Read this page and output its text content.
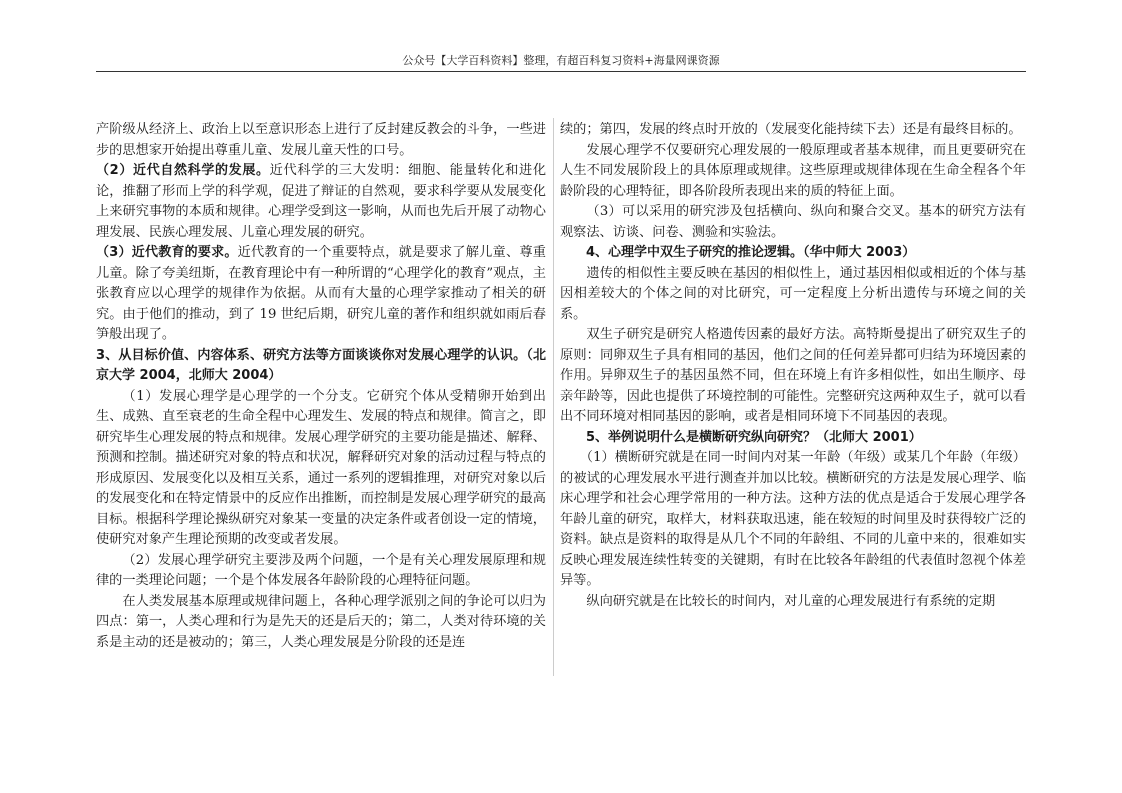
公众号【大学百科资料】整理，有超百科复习资料+海量网课资源

产阶级从经济上、政治上以至意识形态上进行了反封建反教会的斗争，一些进步的思想家开始提出尊重儿童、发展儿童天性的口号。

（2）近代自然科学的发展。近代科学的三大发明：细胞、能量转化和进化论，推翻了形而上学的科学观，促进了辩证的自然观，要求科学要从发展变化上来研究事物的本质和规律。心理学受到这一影响，从而也先后开展了动物心理发展、民族心理发展、儿童心理发展的研究。

（3）近代教育的要求。近代教育的一个重要特点，就是要求了解儿童、尊重儿童。除了夸美纽斯，在教育理论中有一种所谓的“心理学化的教育”观点，主张教育应以心理学的规律作为依据。从而有大量的心理学家推动了相关的研究。由于他们的推动，到了 19 世纪后期，研究儿童的著作和组织就如雨后春笋般出现了。

3、从目标价值、内容体系、研究方法等方面谈谈你对发展心理学的认识。（北京大学 2004，北师大 2004）

（1）发展心理学是心理学的一个分支。它研究个体从受精卵开始到出生、成熟、直至衰老的生命全程中心理发生、发展的特点和规律。简言之，即研究毕生心理发展的特点和规律。发展心理学研究的主要功能是描述、解释、预测和控制。描述研究对象的特点和状况，解释研究对象的活动过程与特点的形成原因、发展变化以及相互关系，通过一系列的逻辑推理，对研究对象以后的发展变化和在特定情景中的反应作出推断，而控制是发展心理学研究的最高目标。根据科学理论操纵研究对象某一变量的决定条件或者创设一定的情境，使研究对象产生理论预期的改变或者发展。

（2）发展心理学研究主要涉及两个问题，一个是有关心理发展原理和规律的一类理论问题；一个是个体发展各年龄阶段的心理特征问题。

在人类发展基本原理或规律问题上，各种心理学派别之间的争论可以归为四点：第一，人类心理和行为是先天的还是后天的；第二，人类对待环境的关系是主动的还是被动的；第三，人类心理发展是分阶段的还是连

续的；第四，发展的终点时开放的（发展变化能持续下去）还是有最终目标的。

发展心理学不仅要研究心理发展的一般原理或者基本规律，而且更要研究在人生不同发展阶段上的具体原理或规律。这些原理或规律体现在生命全程各个年龄阶段的心理特征，即各阶段所表现出来的质的特征上面。

（3）可以采用的研究涉及包括横向、纵向和聚合交叉。基本的研究方法有观察法、访谈、问卷、测验和实验法。

4、心理学中双生子研究的推论逻辑。（华中师大 2003）

遗传的相似性主要反映在基因的相似性上，通过基因相似或相近的个体与基因相差较大的个体之间的对比研究，可一定程度上分析出遗传与环境之间的关系。

双生子研究是研究人格遗传因素的最好方法。高特斯曼提出了研究双生子的原则：同卵双生子具有相同的基因，他们之间的任何差异都可归结为环境因素的作用。异卵双生子的基因虽然不同，但在环境上有许多相似性，如出生顺序、母亲年龄等，因此也提供了环境控制的可能性。完整研究这两种双生子，就可以看出不同环境对相同基因的影响，或者是相同环境下不同基因的表现。

5、举例说明什么是横断研究纵向研究？（北师大 2001）

（1）横断研究就是在同一时间内对某一年龄（年级）或某几个年龄（年级）的被试的心理发展水平进行测查并加以比较。横断研究的方法是发展心理学、临床心理学和社会心理学常用的一种方法。这种方法的优点是适合于发展心理学各年龄儿童的研究，取样大，材料获取迅速，能在较短的时间里及时获得较广泛的资料。缺点是资料的取得是从几个不同的年龄组、不同的儿童中来的，很难如实反映心理发展连续性转变的关键期，有时在比较各年龄组的代表值时忽视个体差异等。

纵向研究就是在比较长的时间内，对儿童的心理发展进行有系统的定期
